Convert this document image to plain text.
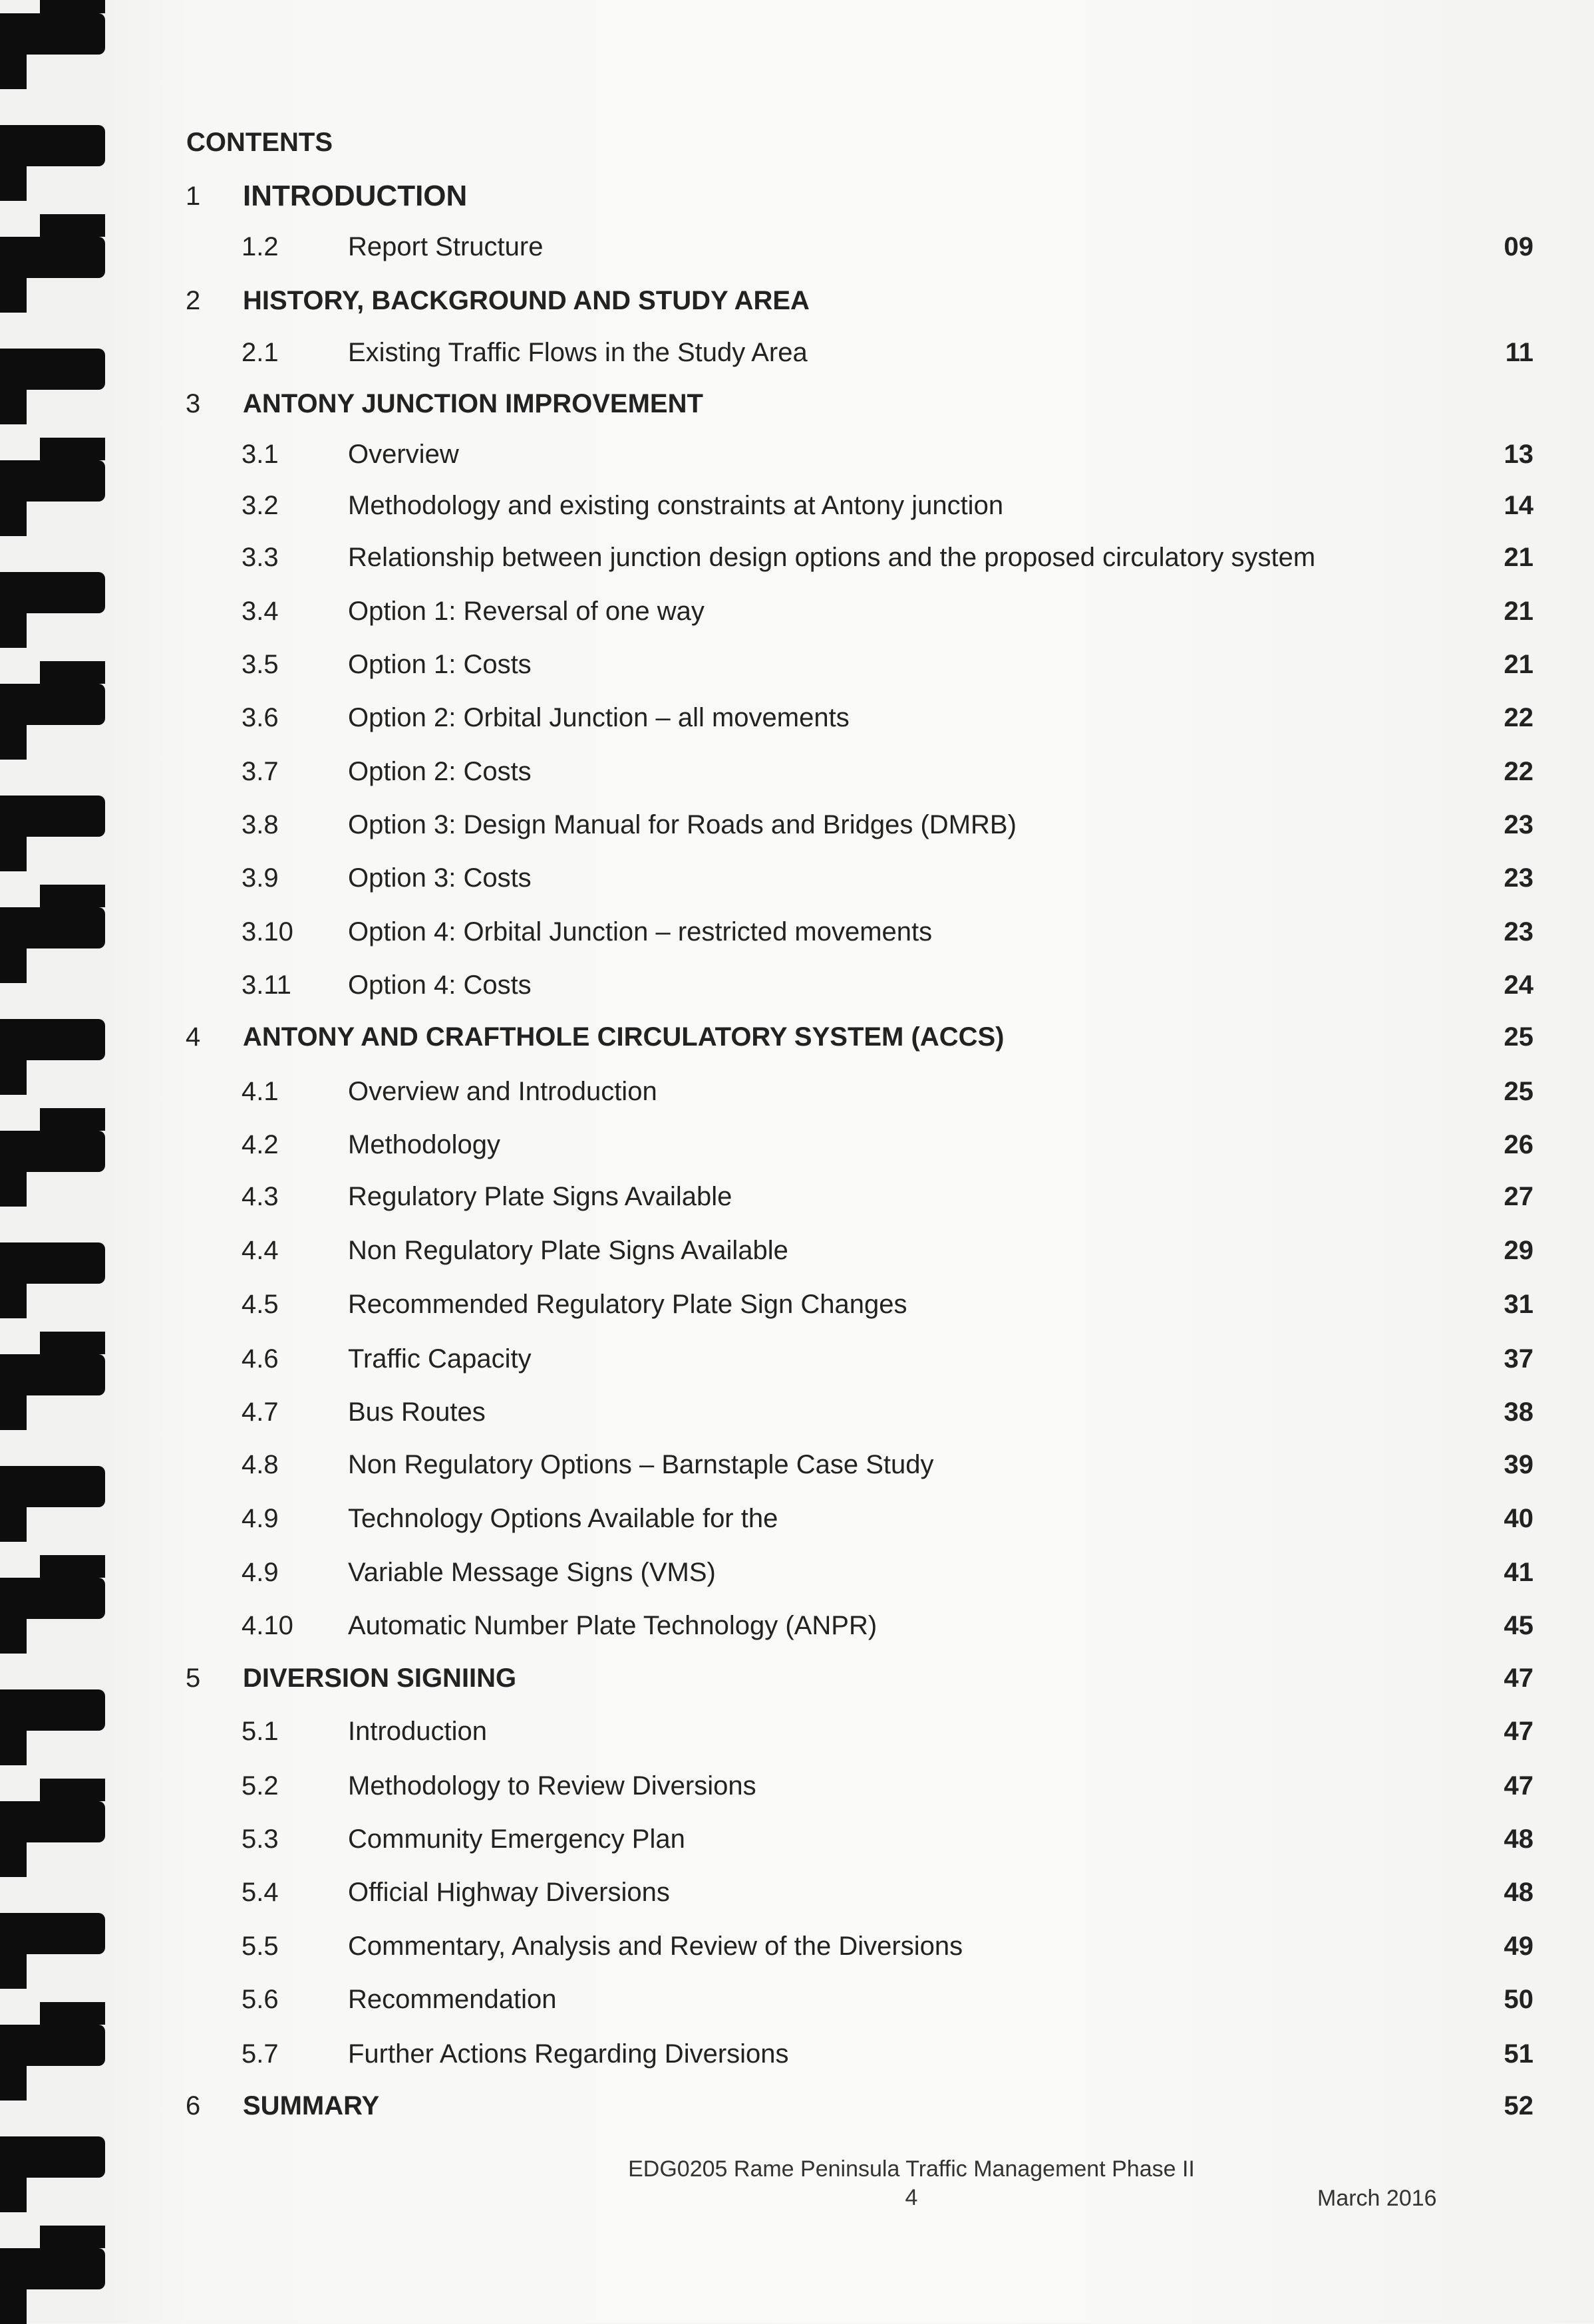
CONTENTS
1	INTRODUCTION
1.2	Report Structure	09
2	HISTORY, BACKGROUND AND STUDY AREA
2.1	Existing Traffic Flows in the Study Area	11
3	ANTONY JUNCTION IMPROVEMENT
3.1	Overview	13
3.2	Methodology and existing constraints at Antony junction	14
3.3	Relationship between junction design options and the proposed circulatory system	21
3.4	Option 1: Reversal of one way	21
3.5	Option 1: Costs	21
3.6	Option 2: Orbital Junction – all movements	22
3.7	Option 2: Costs	22
3.8	Option 3: Design Manual for Roads and Bridges (DMRB)	23
3.9	Option 3: Costs	23
3.10	Option 4: Orbital Junction – restricted movements	23
3.11	Option 4: Costs	24
4	ANTONY AND CRAFTHOLE CIRCULATORY SYSTEM (ACCS)	25
4.1	Overview and Introduction	25
4.2	Methodology	26
4.3	Regulatory Plate Signs Available	27
4.4	Non Regulatory Plate Signs Available	29
4.5	Recommended Regulatory Plate Sign Changes	31
4.6	Traffic Capacity	37
4.7	Bus Routes	38
4.8	Non Regulatory Options – Barnstaple Case Study	39
4.9	Technology Options Available for the	40
4.9	Variable Message Signs (VMS)	41
4.10	Automatic Number Plate Technology (ANPR)	45
5	DIVERSION SIGNIING	47
5.1	Introduction	47
5.2	Methodology to Review Diversions	47
5.3	Community Emergency Plan	48
5.4	Official Highway Diversions	48
5.5	Commentary, Analysis and Review of the Diversions	49
5.6	Recommendation	50
5.7	Further Actions Regarding Diversions	51
6	SUMMARY	52
EDG0205 Rame Peninsula Traffic Management Phase II
4	March 2016
